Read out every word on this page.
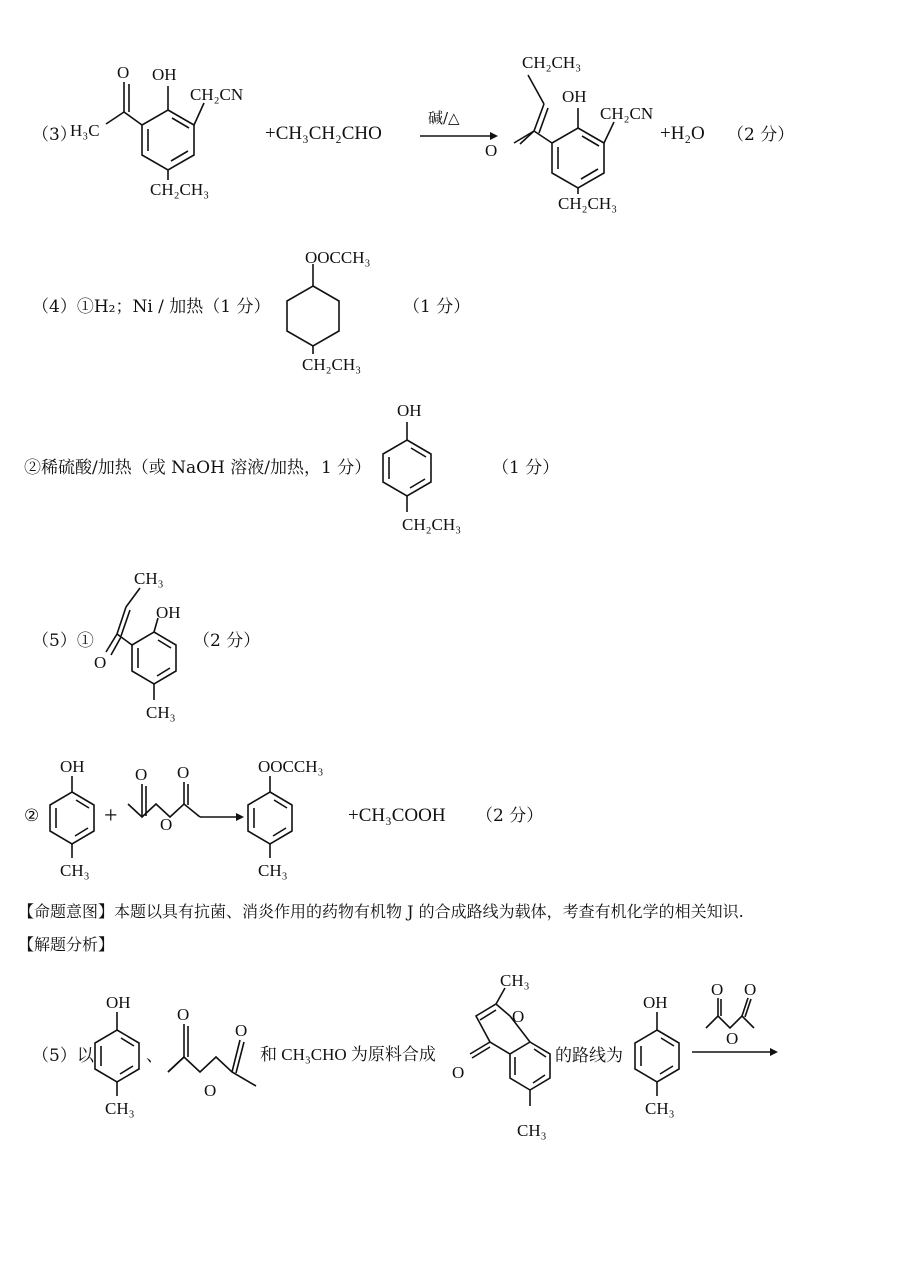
（3）
O
H₃C
OH
CH₂CN
CH₂CH₃
O
CH₂CH₃
OH
CH₂CN
CH₂CH₃
+CH₃CH₂CHO
碱/△
+H₂O （2 分）
（4）①H₂；Ni / 加热（1 分）
OOCCH₃
CH₂CH₃
（1 分）
②稀硫酸/加热（或 NaOH 溶液/加热，1 分）
OH
CH₂CH₃
（1 分）
（5）①
O
CH₃
OH
CH₃
（2 分）
②
OH
CH₃
O O
O
OOCCH₃
CH₃
+	+CH₃COOH （2 分）
【命题意图】本题以具有抗菌、消炎作用的药物有机物 J 的合成路线为载体，考查有机化学的相关知识.
【解题分析】
（5）以	、	和 CH₃CHO 为原料合成	的路线为
OH
CH₃
O
O
O
CH₃
O
O
CH₃
OH
CH₃
O O
O
